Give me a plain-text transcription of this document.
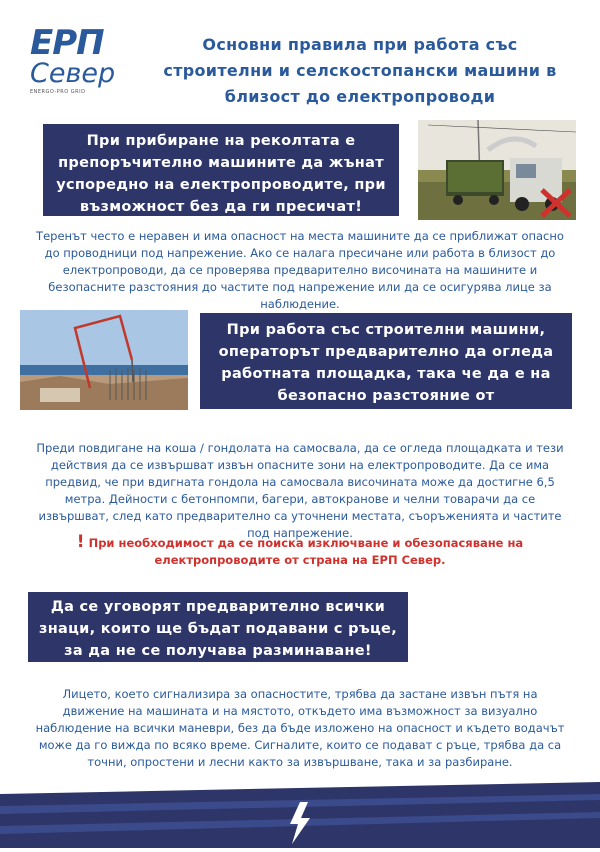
ЕРП
Север
ENERGO-PRO GRID
Основни правила при работа със строителни и селскостопански машини в близост до електропроводи
При прибиране на реколтата е препоръчително машините да жънат успоредно на електропроводите, при възможност без да ги пресичат!
Теренът често е неравен и има опасност на места машините да се приближат опасно до проводници под напрежение. Ако се налага пресичане или работа в близост до електропроводи, да се проверява предварително височината на машините и безопасните разстояния до частите под напрежение или да се осигурява лице за наблюдение.
При работа със строителни машини, операторът предварително да огледа работната площадка, така че да е на безопасно разстояние от електропроводи!
Преди повдигане на коша / гондолата на самосвала, да се огледа площадката и тези действия да се извършват извън опасните зони на електропроводите. Да се има предвид, че при вдигната гондола на самосвала височината може да достигне 6,5 метра. Дейности с бетонпомпи, багери, автокранове и челни товарачи да се извършват, след като предварително са уточнени местата, съоръженията и частите под напрежение.
! При необходимост да се поиска изключване и обезопасяване на електропроводите от страна на ЕРП Север.
Да се уговорят предварително всички знаци, които ще бъдат подавани с ръце, за да не се получава разминаване!
Лицето, което сигнализира за опасностите, трябва да застане извън пътя на движение на машината и на мястото, откъдето има възможност за визуално наблюдение на всички маневри, без да бъде изложено на опасност и където водачът може да го вижда по всяко време. Сигналите, които се подават с ръце, трябва да са точни, опростени и лесни както за извършване, така и за разбиране.
